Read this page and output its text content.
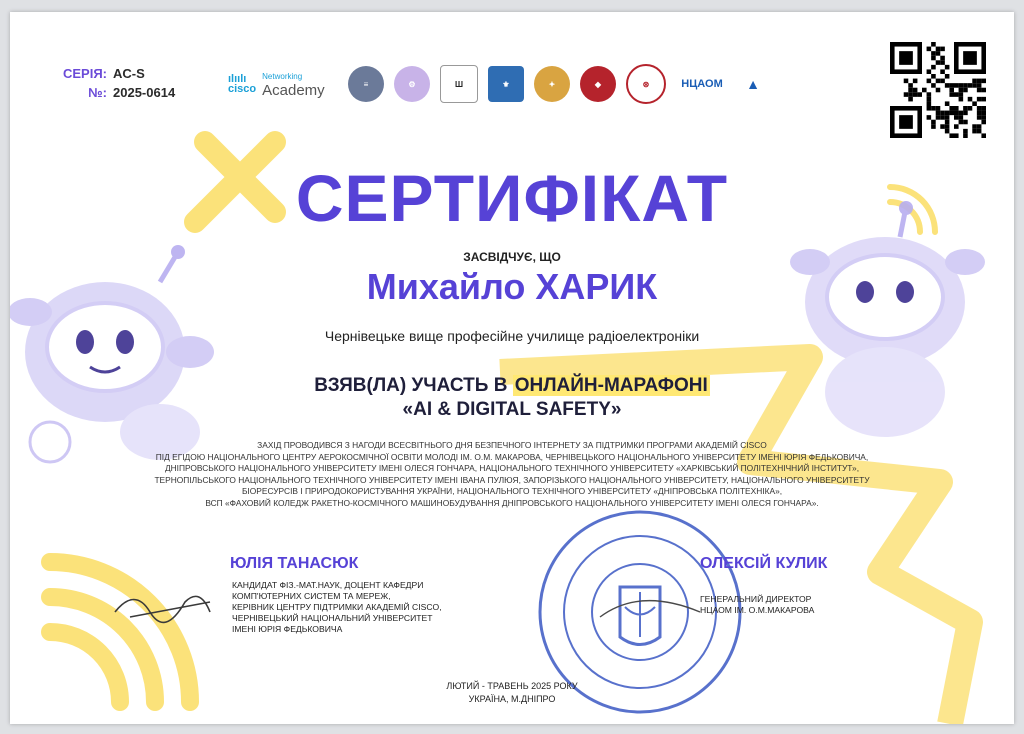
СЕРІЯ: AC-S
№: 2025-0614
ılıılı
cisco
Networking
Academy	≡	⚙	Ш	⚜	✦	◆	⊛	НЦАОМ	▲
СЕРТИФІКАТ
ЗАСВІДЧУЄ, ЩО
Михайло ХАРИК
Чернівецьке вище професійне училище радіоелектроніки
ВЗЯВ(ЛА) УЧАСТЬ В ОНЛАЙН-МАРАФОНІ
«AI & DIGITAL SAFETY»
ЗАХІД ПРОВОДИВСЯ З НАГОДИ ВСЕСВІТНЬОГО ДНЯ БЕЗПЕЧНОГО ІНТЕРНЕТУ ЗА ПІДТРИМКИ ПРОГРАМИ АКАДЕМІЙ CISCO
ПІД ЕГІДОЮ НАЦІОНАЛЬНОГО ЦЕНТРУ АЕРОКОСМІЧНОЇ ОСВІТИ МОЛОДІ ІМ. О.М. МАКАРОВА, ЧЕРНІВЕЦЬКОГО НАЦІОНАЛЬНОГО УНІВЕРСИТЕТУ ІМЕНІ ЮРІЯ ФЕДЬКОВИЧА,
ДНІПРОВСЬКОГО НАЦІОНАЛЬНОГО УНІВЕРСИТЕТУ ІМЕНІ ОЛЕСЯ ГОНЧАРА, НАЦІОНАЛЬНОГО ТЕХНІЧНОГО УНІВЕРСИТЕТУ «ХАРКІВСЬКИЙ ПОЛІТЕХНІЧНИЙ ІНСТИТУТ»,
ТЕРНОПІЛЬСЬКОГО НАЦІОНАЛЬНОГО ТЕХНІЧНОГО УНІВЕРСИТЕТУ ІМЕНІ ІВАНА ПУЛЮЯ, ЗАПОРІЗЬКОГО НАЦІОНАЛЬНОГО УНІВЕРСИТЕТУ, НАЦІОНАЛЬНОГО УНІВЕРСИТЕТУ
БІОРЕСУРСІВ І ПРИРОДОКОРИСТУВАННЯ УКРАЇНИ, НАЦІОНАЛЬНОГО ТЕХНІЧНОГО УНІВЕРСИТЕТУ «ДНІПРОВСЬКА ПОЛІТЕХНІКА»,
ВСП «ФАХОВИЙ КОЛЕДЖ РАКЕТНО-КОСМІЧНОГО МАШИНОБУДУВАННЯ ДНІПРОВСЬКОГО НАЦІОНАЛЬНОГО УНІВЕРСИТЕТУ ІМЕНІ ОЛЕСЯ ГОНЧАРА».
ЮЛІЯ ТАНАСЮК
КАНДИДАТ ФІЗ.-МАТ.НАУК, ДОЦЕНТ КАФЕДРИ
КОМП'ЮТЕРНИХ СИСТЕМ ТА МЕРЕЖ,
КЕРІВНИК ЦЕНТРУ ПІДТРИМКИ АКАДЕМІЙ CISCO,
ЧЕРНІВЕЦЬКИЙ НАЦІОНАЛЬНИЙ УНІВЕРСИТЕТ
ІМЕНІ ЮРІЯ ФЕДЬКОВИЧА
ОЛЕКСІЙ КУЛИК
ГЕНЕРАЛЬНИЙ ДИРЕКТОР
НЦАОМ ІМ. О.М.МАКАРОВА
ЛЮТИЙ - ТРАВЕНЬ 2025 РОКУ
УКРАЇНА, М.ДНІПРО
